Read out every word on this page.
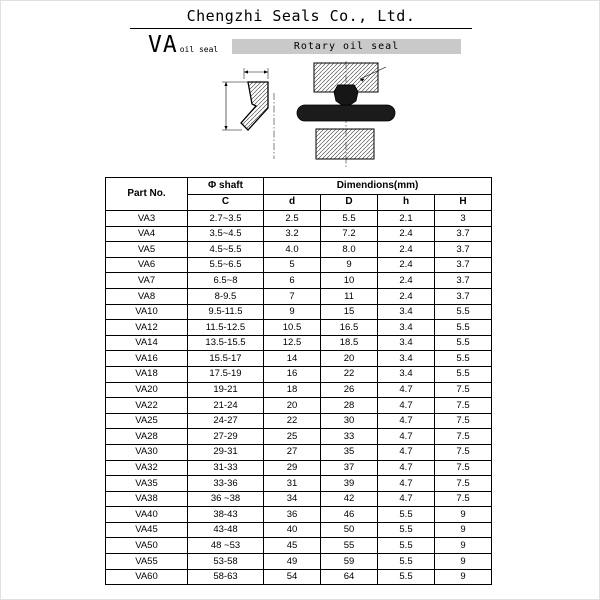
Chengzhi Seals Co., Ltd.
VA oil seal	Rotary oil seal
Part No.	Φ shaft	Dimendions(mm)			
	C	d	D	h	H
VA3	2.7~3.5	2.5	5.5	2.1	3
VA4	3.5~4.5	3.2	7.2	2.4	3.7
VA5	4.5~5.5	4.0	8.0	2.4	3.7
VA6	5.5~6.5	5	9	2.4	3.7
VA7	6.5~8	6	10	2.4	3.7
VA8	8-9.5	7	11	2.4	3.7
VA10	9.5-11.5	9	15	3.4	5.5
VA12	11.5-12.5	10.5	16.5	3.4	5.5
VA14	13.5-15.5	12.5	18.5	3.4	5.5
VA16	15.5-17	14	20	3.4	5.5
VA18	17.5-19	16	22	3.4	5.5
VA20	19-21	18	26	4.7	7.5
VA22	21-24	20	28	4.7	7.5
VA25	24-27	22	30	4.7	7.5
VA28	27-29	25	33	4.7	7.5
VA30	29-31	27	35	4.7	7.5
VA32	31-33	29	37	4.7	7.5
VA35	33-36	31	39	4.7	7.5
VA38	36 ~38	34	42	4.7	7.5
VA40	38-43	36	46	5.5	9
VA45	43-48	40	50	5.5	9
VA50	48 ~53	45	55	5.5	9
VA55	53-58	49	59	5.5	9
VA60	58-63	54	64	5.5	9
